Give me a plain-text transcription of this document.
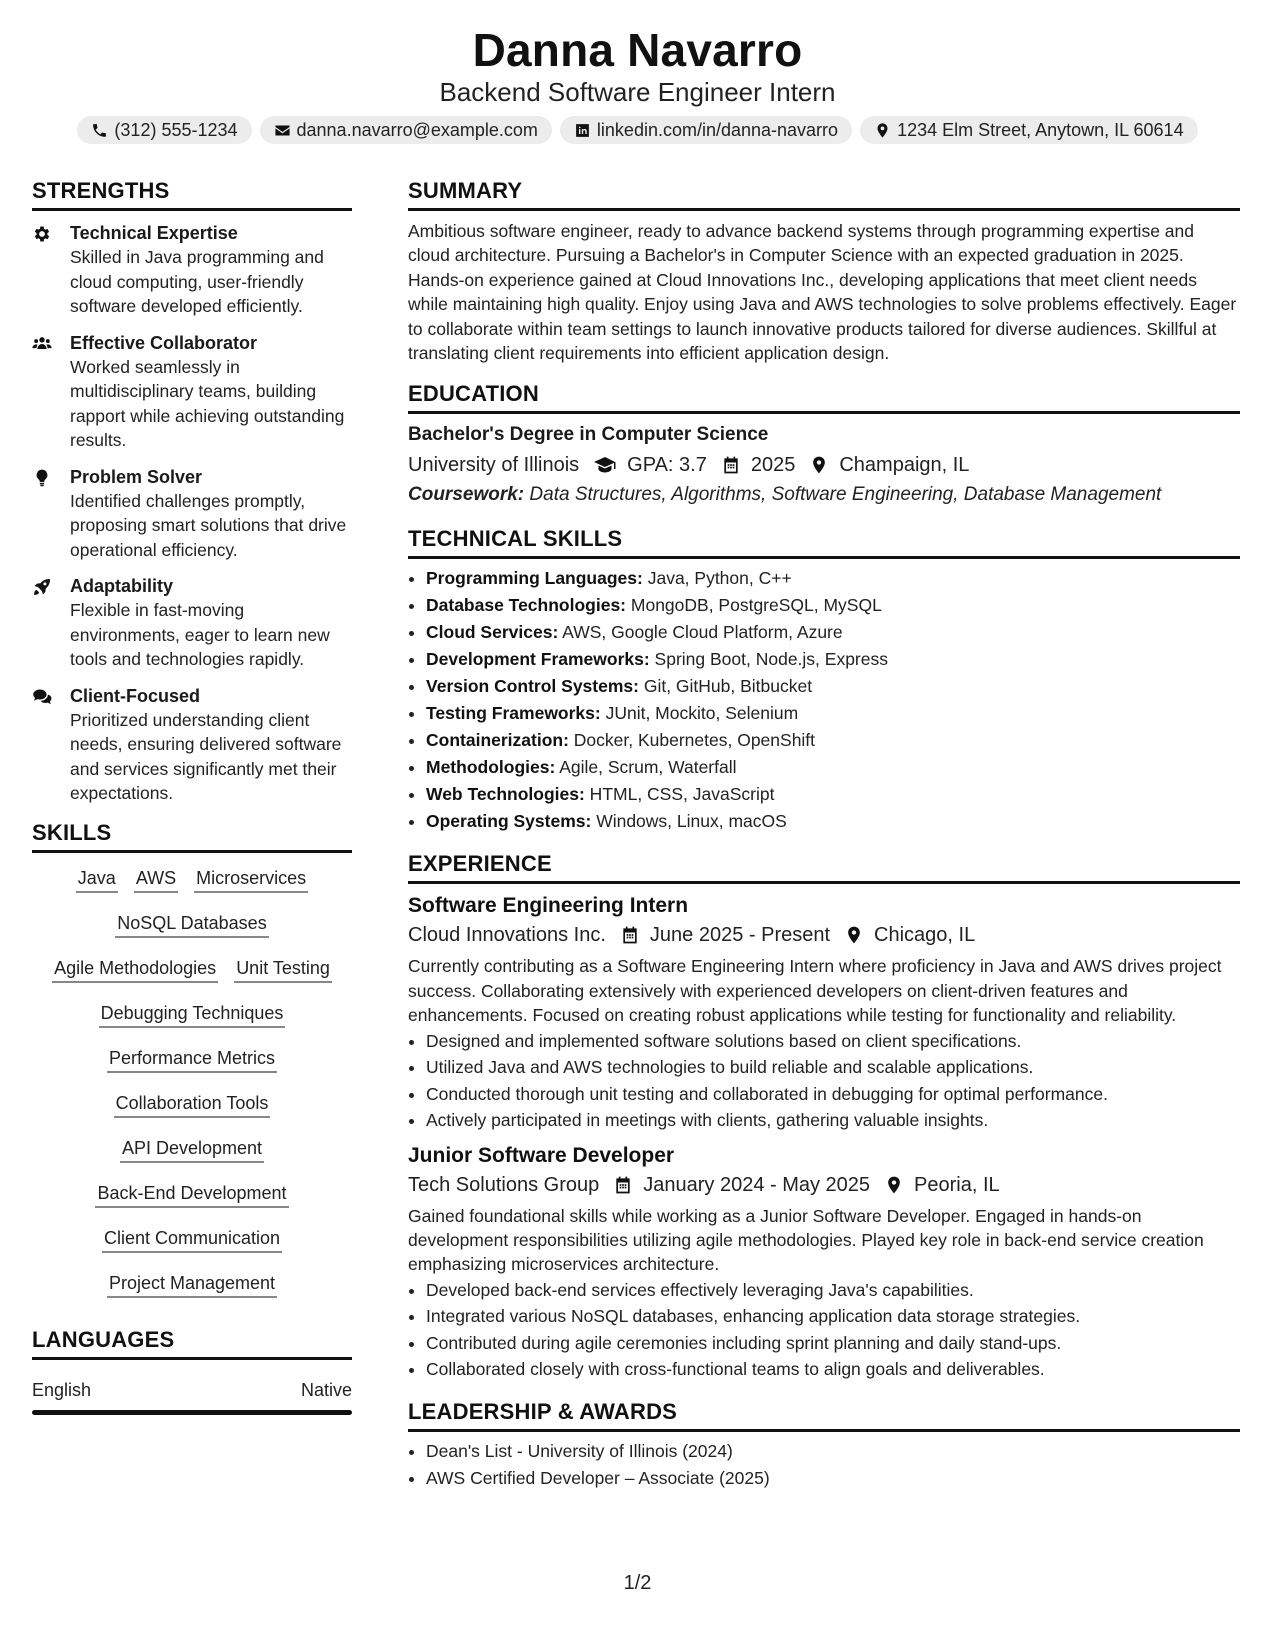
Danna Navarro
Backend Software Engineer Intern
(312) 555-1234	danna.navarro@example.com	linkedin.com/in/danna-navarro	1234 Elm Street, Anytown, IL 60614
STRENGTHS
Technical Expertise
Skilled in Java programming and cloud computing, user-friendly software developed efficiently.
Effective Collaborator
Worked seamlessly in multidisciplinary teams, building rapport while achieving outstanding results.
Problem Solver
Identified challenges promptly, proposing smart solutions that drive operational efficiency.
Adaptability
Flexible in fast-moving environments, eager to learn new tools and technologies rapidly.
Client-Focused
Prioritized understanding client needs, ensuring delivered software and services significantly met their expectations.
SKILLS
Java AWS Microservices
NoSQL Databases
Agile Methodologies Unit Testing
Debugging Techniques
Performance Metrics
Collaboration Tools
API Development
Back-End Development
Client Communication
Project Management
LANGUAGES
English	Native
SUMMARY
Ambitious software engineer, ready to advance backend systems through programming expertise and cloud architecture. Pursuing a Bachelor's in Computer Science with an expected graduation in 2025. Hands-on experience gained at Cloud Innovations Inc., developing applications that meet client needs while maintaining high quality. Enjoy using Java and AWS technologies to solve problems effectively. Eager to collaborate within team settings to launch innovative products tailored for diverse audiences. Skillful at translating client requirements into efficient application design.
EDUCATION
Bachelor's Degree in Computer Science
University of Illinois GPA: 3.7 2025 Champaign, IL
Coursework: Data Structures, Algorithms, Software Engineering, Database Management
TECHNICAL SKILLS
• Programming Languages: Java, Python, C++
• Database Technologies: MongoDB, PostgreSQL, MySQL
• Cloud Services: AWS, Google Cloud Platform, Azure
• Development Frameworks: Spring Boot, Node.js, Express
• Version Control Systems: Git, GitHub, Bitbucket
• Testing Frameworks: JUnit, Mockito, Selenium
• Containerization: Docker, Kubernetes, OpenShift
• Methodologies: Agile, Scrum, Waterfall
• Web Technologies: HTML, CSS, JavaScript
• Operating Systems: Windows, Linux, macOS
EXPERIENCE
Software Engineering Intern
Cloud Innovations Inc. June 2025 - Present Chicago, IL
Currently contributing as a Software Engineering Intern where proficiency in Java and AWS drives project success. Collaborating extensively with experienced developers on client-driven features and enhancements. Focused on creating robust applications while testing for functionality and reliability.
• Designed and implemented software solutions based on client specifications.
• Utilized Java and AWS technologies to build reliable and scalable applications.
• Conducted thorough unit testing and collaborated in debugging for optimal performance.
• Actively participated in meetings with clients, gathering valuable insights.
Junior Software Developer
Tech Solutions Group January 2024 - May 2025 Peoria, IL
Gained foundational skills while working as a Junior Software Developer. Engaged in hands-on development responsibilities utilizing agile methodologies. Played key role in back-end service creation emphasizing microservices architecture.
• Developed back-end services effectively leveraging Java's capabilities.
• Integrated various NoSQL databases, enhancing application data storage strategies.
• Contributed during agile ceremonies including sprint planning and daily stand-ups.
• Collaborated closely with cross-functional teams to align goals and deliverables.
LEADERSHIP & AWARDS
• Dean's List - University of Illinois (2024)
• AWS Certified Developer – Associate (2025)
1/2
